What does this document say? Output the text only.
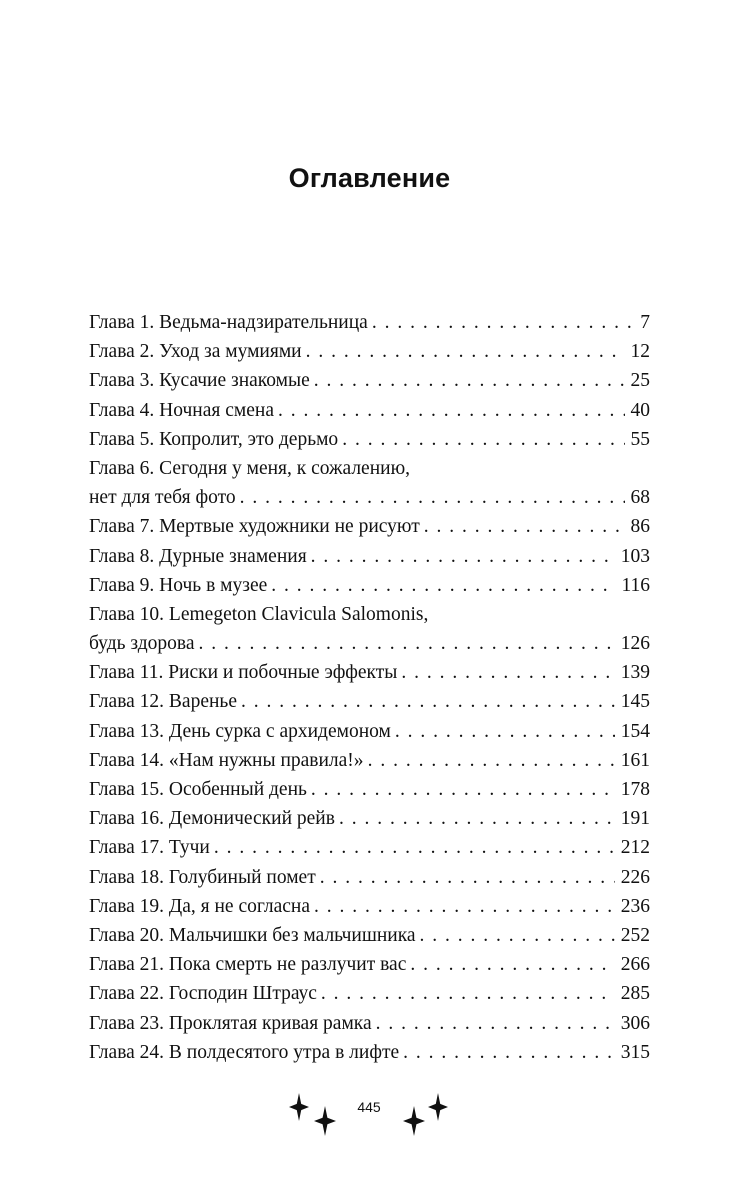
Оглавление
Глава 1. Ведьма-надзирательница . . .	7
Глава 2. Уход за мумиями . . .	12
Глава 3. Кусачие знакомые . . .	25
Глава 4. Ночная смена . . .	40
Глава 5. Копролит, это дерьмо . . .	55
Глава 6. Сегодня у меня, к сожалению,
нет для тебя фото . . .	68
Глава 7. Мертвые художники не рисуют . . .	86
Глава 8. Дурные знамения . . .	103
Глава 9. Ночь в музее . . .	116
Глава 10. Lemegeton Clavicula Salomonis,
будь здорова . . .	126
Глава 11. Риски и побочные эффекты . . .	139
Глава 12. Варенье . . .	145
Глава 13. День сурка с архидемоном . . .	154
Глава 14. «Нам нужны правила!» . . .	161
Глава 15. Особенный день . . .	178
Глава 16. Демонический рейв . . .	191
Глава 17. Тучи . . .	212
Глава 18. Голубиный помет . . .	226
Глава 19. Да, я не согласна . . .	236
Глава 20. Мальчишки без мальчишника . . .	252
Глава 21. Пока смерть не разлучит вас . . .	266
Глава 22. Господин Штраус . . .	285
Глава 23. Проклятая кривая рамка . . .	306
Глава 24. В полдесятого утра в лифте . . .	315
445
